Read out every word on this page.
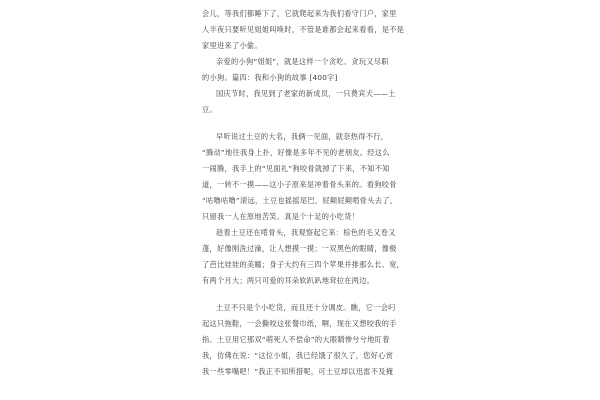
会儿，等我们都睡下了，它就爬起来为我们看守门户，家里
人半夜只要听见姐姐叫唤时，不管是谁都会起来看看，是不是
家里进来了小偷。
亲爱的小狗“姐姐”，就是这样一个贪吃、贪玩又尽职
的小狗。篇四：我和小狗的故事 [400字]
国庆节时，我见到了老家的新成员，一只费宾犬——土
豆。
早听说过土豆的大名，我俩一见面，就奈热得不行，
“腾动”地往我身上扑，好像是多年不见的老朋友。经这么
一闹腾，我手上的“见面礼”狗咬骨就掉了下来，不知不知
道，一转不一摸——这小子原来是冲着骨头来的。看狗咬骨
“咕噜咕噜”滚远，土豆也摇摇尾巴，屁颠屁颠啃骨头去了，
只留我一人在原地苦笑。真是个十足的小吃货！
趁着土豆还在啃骨头，我观察起它来：棕色的毛又卷又
蓬，好像刚洗过澡，让人想摸一摸；一双黑色的眼睛，像极
了芭比娃娃的美瞳；身子大约有三四个苹果并排那么长、宽，
有两个月大；两只可爱的耳朵软趴趴地耷拉在两边。
土豆不只是个小吃货，而且还十分调皮。瞧，它一会叼
起这只拖鞋，一会撕咬这张餐巾纸，啊，现在又想咬我的手
指。土豆用它那双“萌死人不偿命”的大眼睛惨兮兮地盯着
我，仿佛在说：“这位小姐，我已经饿了很久了，您好心赏
我一些零嘴吧！”我正不知所措呢，可土豆却以迅雷不及掩
